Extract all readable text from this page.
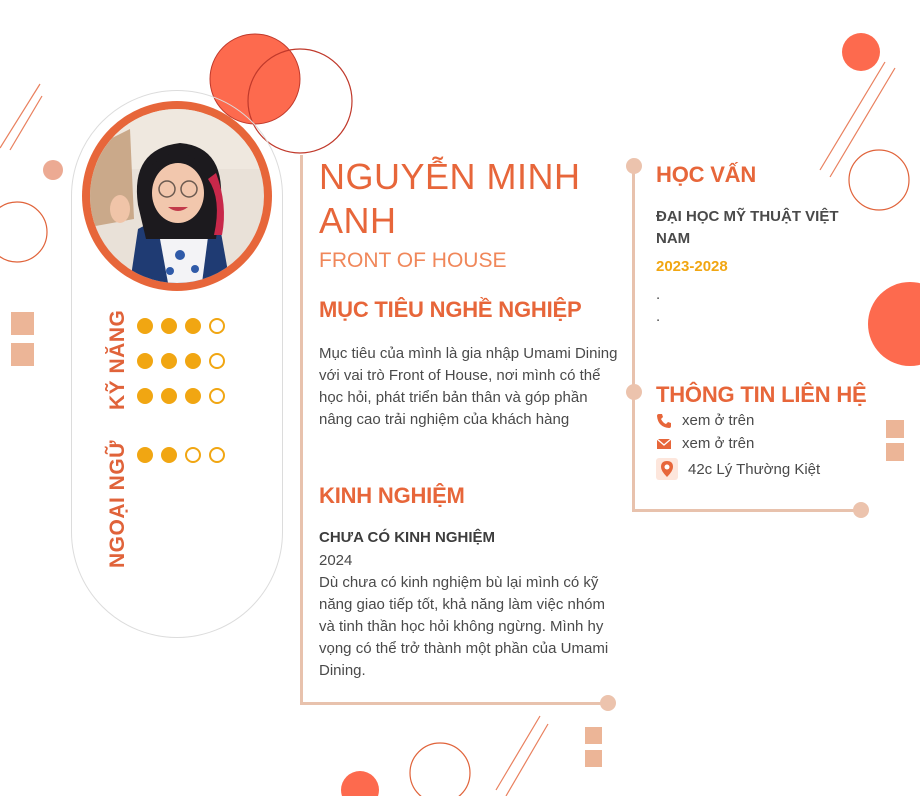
KỸ NĂNG
NGOẠI NGỮ
NGUYỄN MINH ANH
FRONT OF HOUSE
MỤC TIÊU NGHỀ NGHIỆP
Mục tiêu của mình là gia nhập Umami Dining với vai trò Front of House, nơi mình có thể học hỏi, phát triển bản thân và góp phần nâng cao trải nghiệm của khách hàng
KINH NGHIỆM
CHƯA CÓ KINH NGHIỆM
2024
Dù chưa có kinh nghiệm bù lại mình có kỹ năng giao tiếp tốt, khả năng làm việc nhóm và tinh thần học hỏi không ngừng. Mình hy vọng có thể trở thành một phần của Umami Dining.
HỌC VẤN
ĐẠI HỌC MỸ THUẬT VIỆT NAM
2023-2028
.
.
THÔNG TIN LIÊN HỆ
xem ở trên
xem ở trên
42c Lý Thường Kiệt
